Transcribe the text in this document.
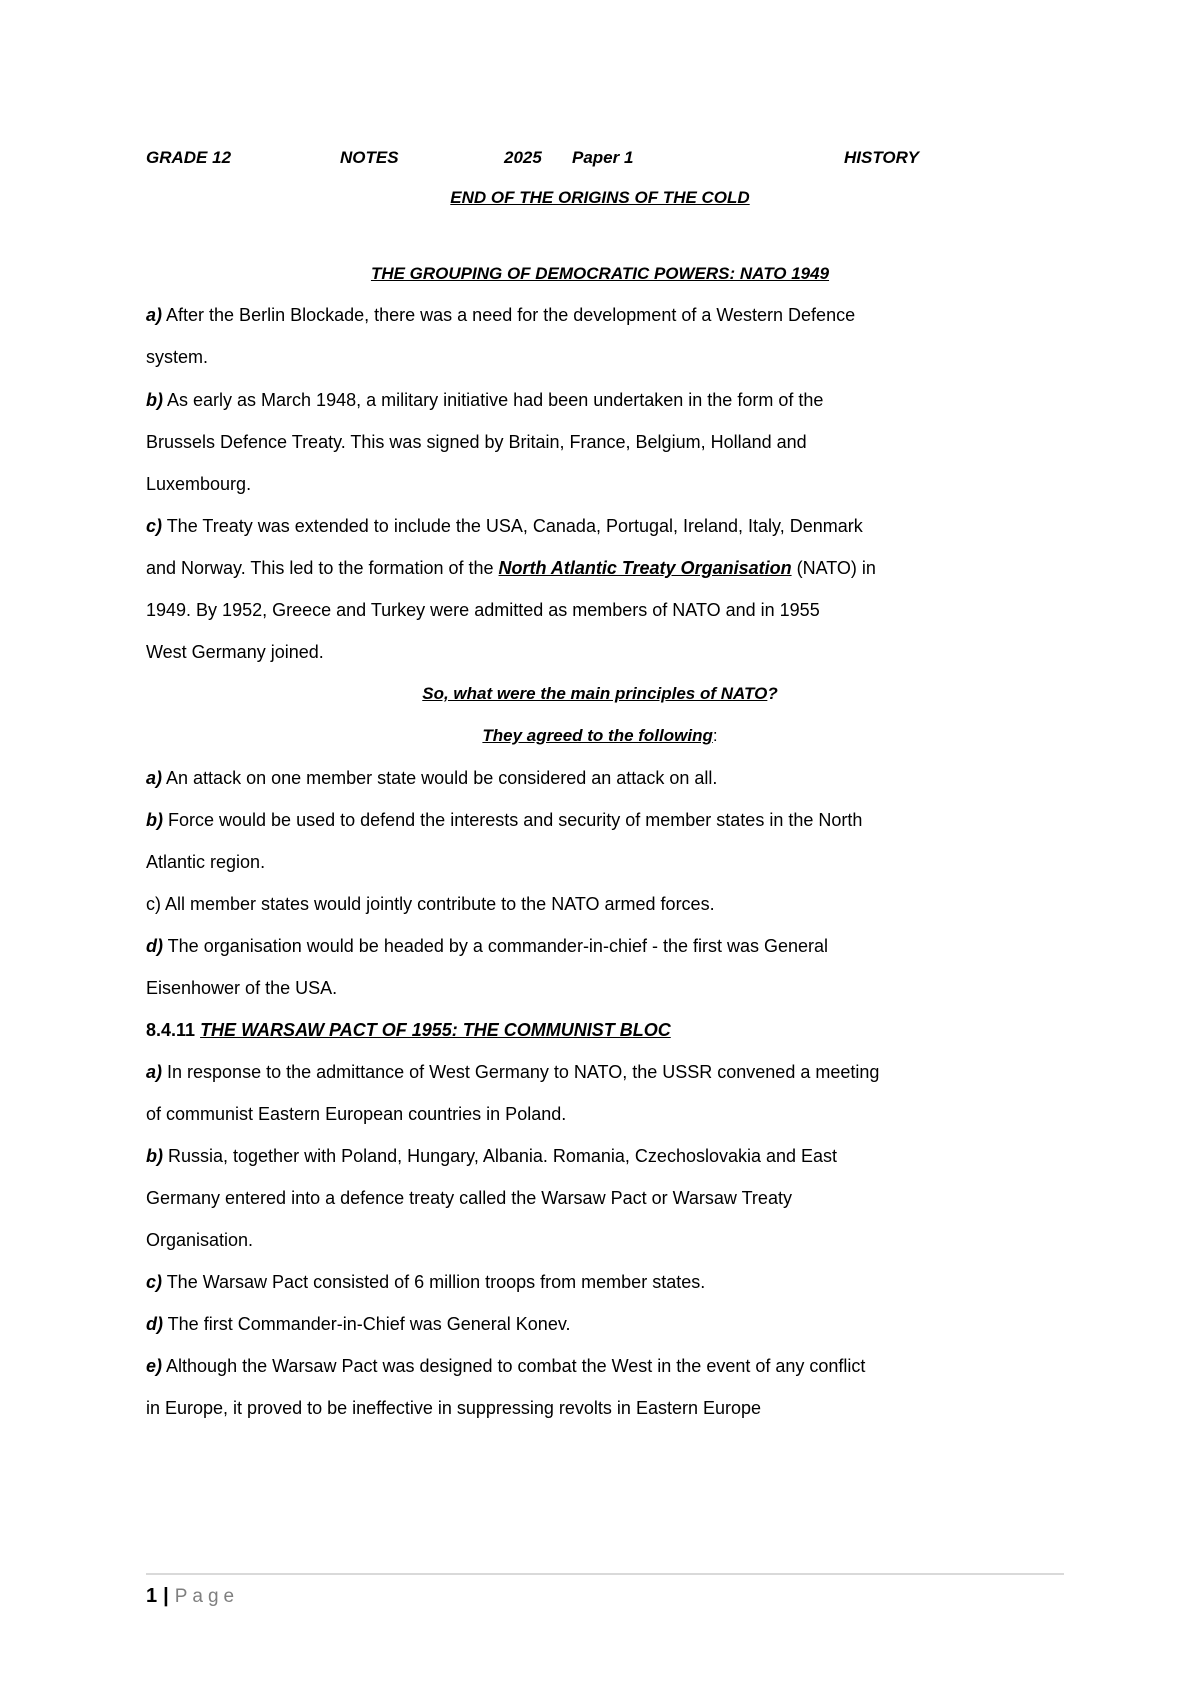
GRADE 12	NOTES	2025 Paper 1	HISTORY
END OF THE ORIGINS OF THE COLD
THE GROUPING OF DEMOCRATIC POWERS: NATO 1949
a) After the Berlin Blockade, there was a need for the development of a Western Defence
system.
b) As early as March 1948, a military initiative had been undertaken in the form of the
Brussels Defence Treaty. This was signed by Britain, France, Belgium, Holland and
Luxembourg.
c) The Treaty was extended to include the USA, Canada, Portugal, Ireland, Italy, Denmark
and Norway. This led to the formation of the North Atlantic Treaty Organisation (NATO) in
1949. By 1952, Greece and Turkey were admitted as members of NATO and in 1955
West Germany joined.
So, what were the main principles of NATO?
They agreed to the following:
a) An attack on one member state would be considered an attack on all.
b) Force would be used to defend the interests and security of member states in the North
Atlantic region.
c) All member states would jointly contribute to the NATO armed forces.
d) The organisation would be headed by a commander-in-chief - the first was General
Eisenhower of the USA.
8.4.11 THE WARSAW PACT OF 1955: THE COMMUNIST BLOC
a) In response to the admittance of West Germany to NATO, the USSR convened a meeting
of communist Eastern European countries in Poland.
b) Russia, together with Poland, Hungary, Albania. Romania, Czechoslovakia and East
Germany entered into a defence treaty called the Warsaw Pact or Warsaw Treaty
Organisation.
c) The Warsaw Pact consisted of 6 million troops from member states.
d) The first Commander-in-Chief was General Konev.
e) Although the Warsaw Pact was designed to combat the West in the event of any conflict
in Europe, it proved to be ineffective in suppressing revolts in Eastern Europe
1 | Page
